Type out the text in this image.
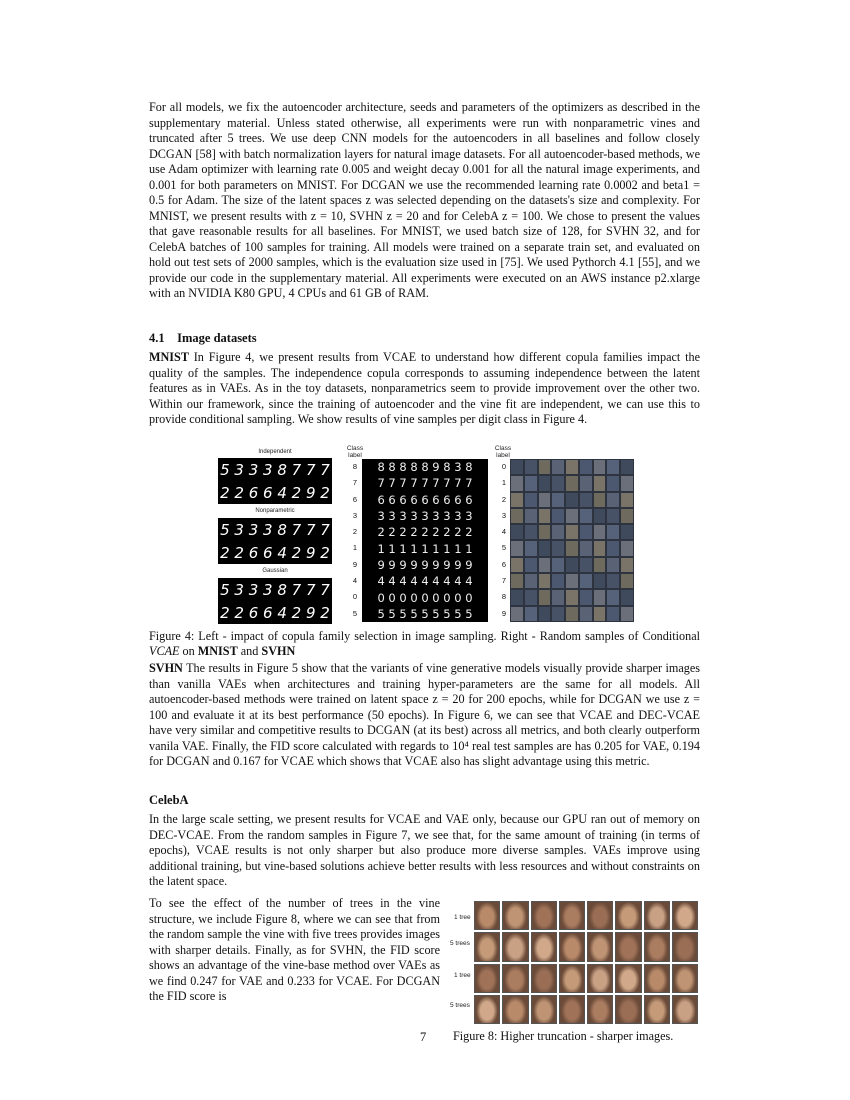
For all models, we fix the autoencoder architecture, seeds and parameters of the optimizers as described in the supplementary material. Unless stated otherwise, all experiments were run with nonparametric vines and truncated after 5 trees. We use deep CNN models for the autoencoders in all baselines and follow closely DCGAN [58] with batch normalization layers for natural image datasets. For all autoencoder-based methods, we use Adam optimizer with learning rate 0.005 and weight decay 0.001 for all the natural image experiments, and 0.001 for both parameters on MNIST. For DCGAN we use the recommended learning rate 0.0002 and beta1 = 0.5 for Adam. The size of the latent spaces z was selected depending on the datasets's size and complexity. For MNIST, we present results with z = 10, SVHN z = 20 and for CelebA z = 100. We chose to present the values that gave reasonable results for all baselines. For MNIST, we used batch size of 128, for SVHN 32, and for CelebA batches of 100 samples for training. All models were trained on a separate train set, and evaluated on hold out test sets of 2000 samples, which is the evaluation size used in [75]. We used Pythorch 4.1 [55], and we provide our code in the supplementary material. All experiments were executed on an AWS instance p2.xlarge with an NVIDIA K80 GPU, 4 CPUs and 61 GB of RAM.

4.1    Image datasets

MNIST In Figure 4, we present results from VCAE to understand how different copula families impact the quality of the samples. The independence copula corresponds to assuming independence between the latent features as in VAEs. As in the toy datasets, nonparametrics seem to provide improvement over the other two. Within our framework, since the training of autoencoder and the vine fit are independent, we can use this to provide conditional sampling. We show results of vine samples per digit class in Figure 4.

Independent
5 3 3 3 8 7 7 7
2 2 6 6 4 2 9 2
Nonparametric
5 3 3 3 8 7 7 7
2 2 6 6 4 2 9 2
Gaussian
5 3 3 3 8 7 7 7
2 2 6 6 4 2 9 2
Class label
8
7
6
3
2
1
9
4
0
5
8 8 8 8 8 9 8 3 8
7 7 7 7 7 7 7 7 7
6 6 6 6 6 6 6 6 6
3 3 3 3 3 3 3 3 3
2 2 2 2 2 2 2 2 2
1 1 1 1 1 1 1 1 1
9 9 9 9 9 9 9 9 9
4 4 4 4 4 4 4 4 4
0 0 0 0 0 0 0 0 0
5 5 5 5 5 5 5 5 5
Class label
0
1
2
3
4
5
6
7
8
9

Figure 4: Left - impact of copula family selection in image sampling. Right - Random samples of Conditional VCAE on MNIST and SVHN

SVHN The results in Figure 5 show that the variants of vine generative models visually provide sharper images than vanilla VAEs when architectures and training hyper-parameters are the same for all models. All autoencoder-based methods were trained on latent space z = 20 for 200 epochs, while for DCGAN we use z = 100 and evaluate it at its best performance (50 epochs). In Figure 6, we can see that VCAE and DEC-VCAE have very similar and competitive results to DCGAN (at its best) across all metrics, and both clearly outperform vanila VAE. Finally, the FID score calculated with regards to 10⁴ real test samples are has 0.205 for VAE, 0.194 for DCGAN and 0.167 for VCAE which shows that VCAE also has slight advantage using this metric.

CelebA

In the large scale setting, we present results for VCAE and VAE only, because our GPU ran out of memory on DEC-VCAE. From the random samples in Figure 7, we see that, for the same amount of training (in terms of epochs), VCAE results is not only sharper but also produce more diverse samples. VAEs improve using additional training, but vine-based solutions achieve better results with less resources and without constraints on the latent space.

To see the effect of the number of trees in the vine structure, we include Figure 8, where we can see that from the random sample the vine with five trees provides images with sharper details. Finally, as for SVHN, the FID score shows an advantage of the vine-base method over VAEs as we find 0.247 for VAE and 0.233 for VCAE. For DCGAN the FID score is

1 tree
5 trees
1 tree
5 trees

Figure 8: Higher truncation - sharper images.

7
